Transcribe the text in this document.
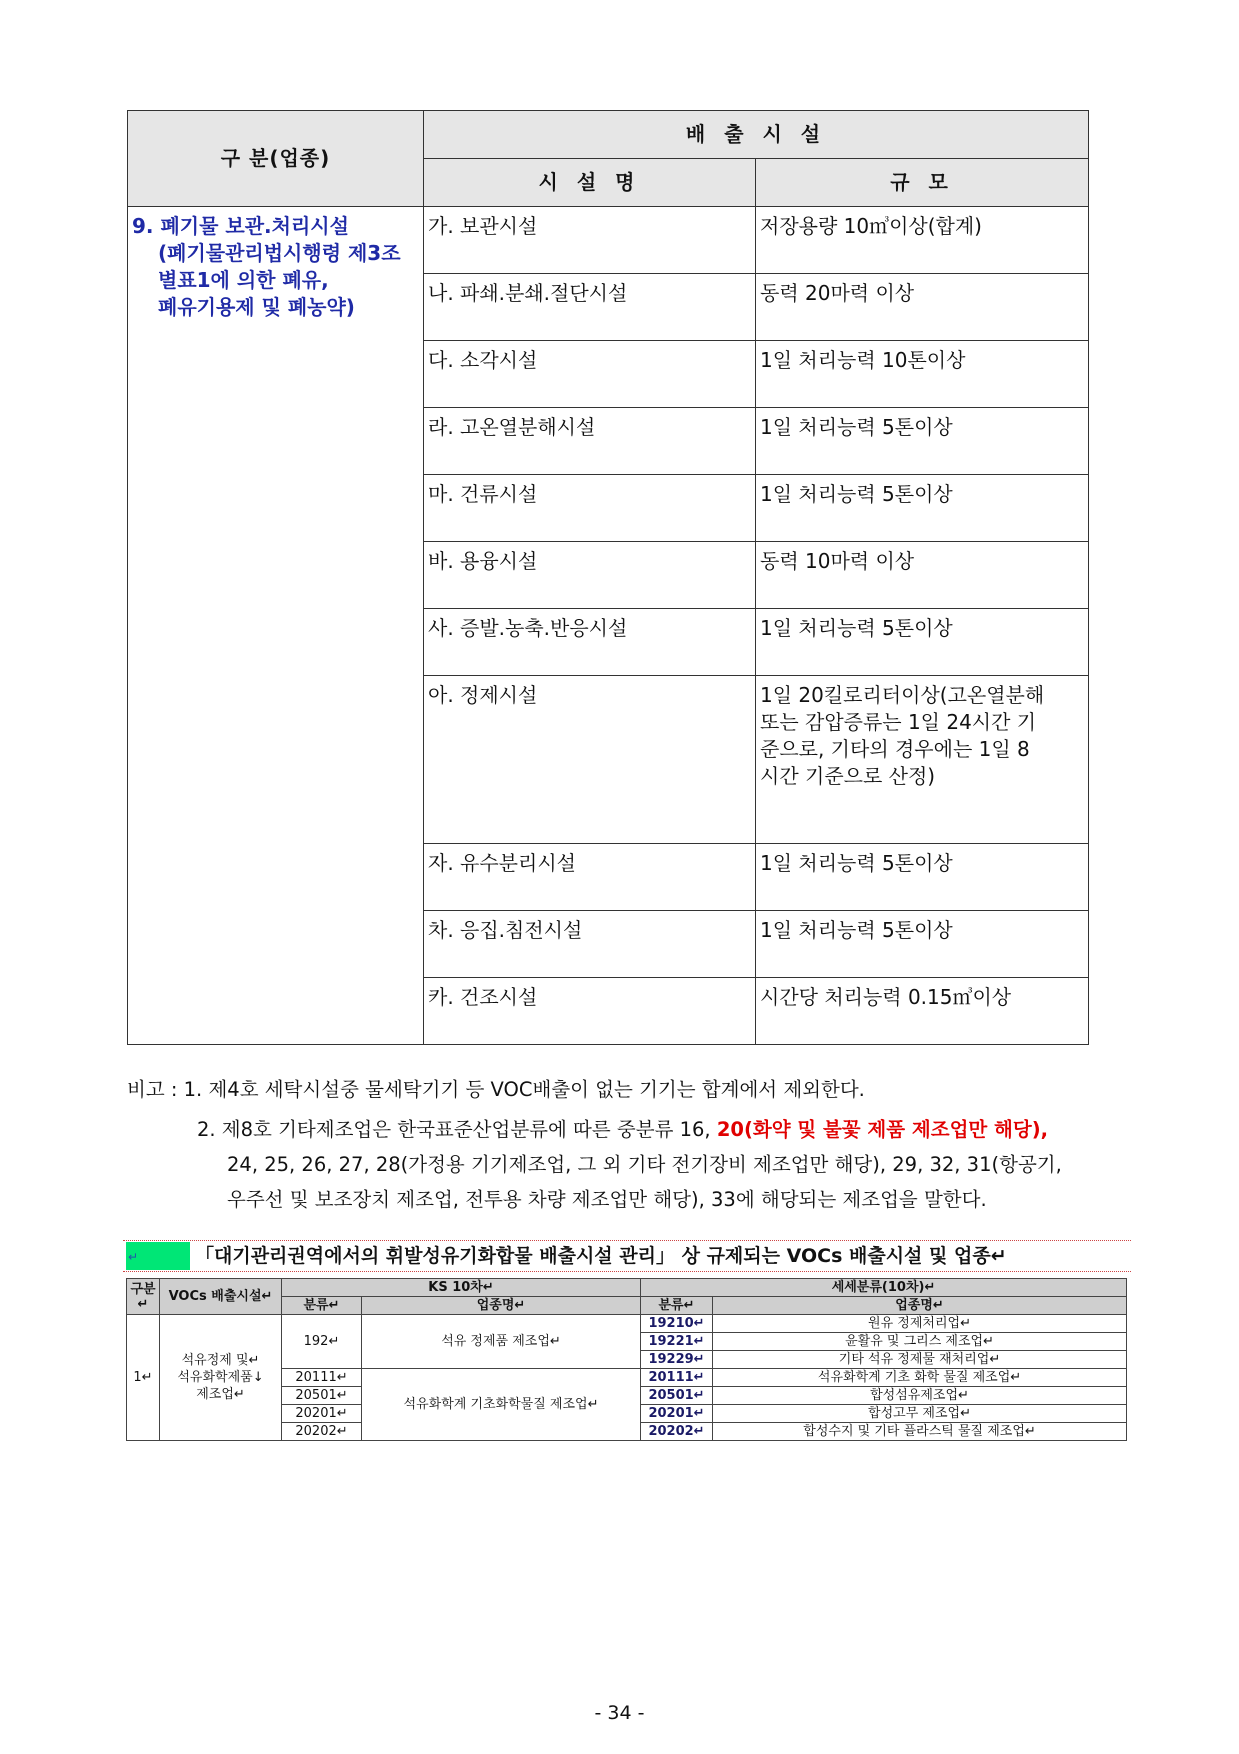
구 분(업종)	배 출 시 설	
	시 설 명	규 모

9. 폐기물 보관.처리시설
(폐기물관리법시행령 제3조
별표1에 의한 폐유,
폐유기용제 및 폐농약)	가. 보관시설	저장용량 10㎥이상(합계)
	나. 파쇄.분쇄.절단시설	동력 20마력 이상
	다. 소각시설	1일 처리능력 10톤이상
	라. 고온열분해시설	1일 처리능력 5톤이상
	마. 건류시설	1일 처리능력 5톤이상
	바. 용융시설	동력 10마력 이상
	사. 증발.농축.반응시설	1일 처리능력 5톤이상
	아. 정제시설	1일 20킬로리터이상(고온열분해
또는 감압증류는 1일 24시간 기
준으로, 기타의 경우에는 1일 8
시간 기준으로 산정)

	자. 유수분리시설	1일 처리능력 5톤이상
	차. 응집.침전시설	1일 처리능력 5톤이상
	카. 건조시설	시간당 처리능력 0.15㎥이상
비고 : 1. 제4호 세탁시설중 물세탁기기 등 VOC배출이 없는 기기는 합계에서 제외한다.
2. 제8호 기타제조업은 한국표준산업분류에 따른 중분류 16, 20(화약 및 불꽃 제품 제조업만 해당),
24, 25, 26, 27, 28(가정용 기기제조업, 그 외 기타 전기장비 제조업만 해당), 29, 32, 31(항공기,
우주선 및 보조장치 제조업, 전투용 차량 제조업만 해당), 33에 해당되는 제조업을 말한다.
↵	「대기관리권역에서의 휘발성유기화합물 배출시설 관리」 상 규제되는 VOCs 배출시설 및 업종↵
구분↵	VOCs 배출시설↵	KS 10차↵		세세분류(10차)↵	
		분류↵	업종명↵	분류↵	업종명↵
1↵	석유정제 및↵
석유화학제품↓
제조업↵	192↵	석유 정제품 제조업↵	19210↵	원유 정제처리업↵
				19221↵	윤활유 및 그리스 제조업↵
				19229↵	기타 석유 정제물 재처리업↵
		20111↵	석유화학계 기초화학물질 제조업↵	20111↵	석유화학계 기초 화학 물질 제조업↵
		20501↵		20501↵	합성섬유제조업↵
		20201↵		20201↵	합성고무 제조업↵
		20202↵		20202↵	합성수지 및 기타 플라스틱 물질 제조업↵
- 34 -
